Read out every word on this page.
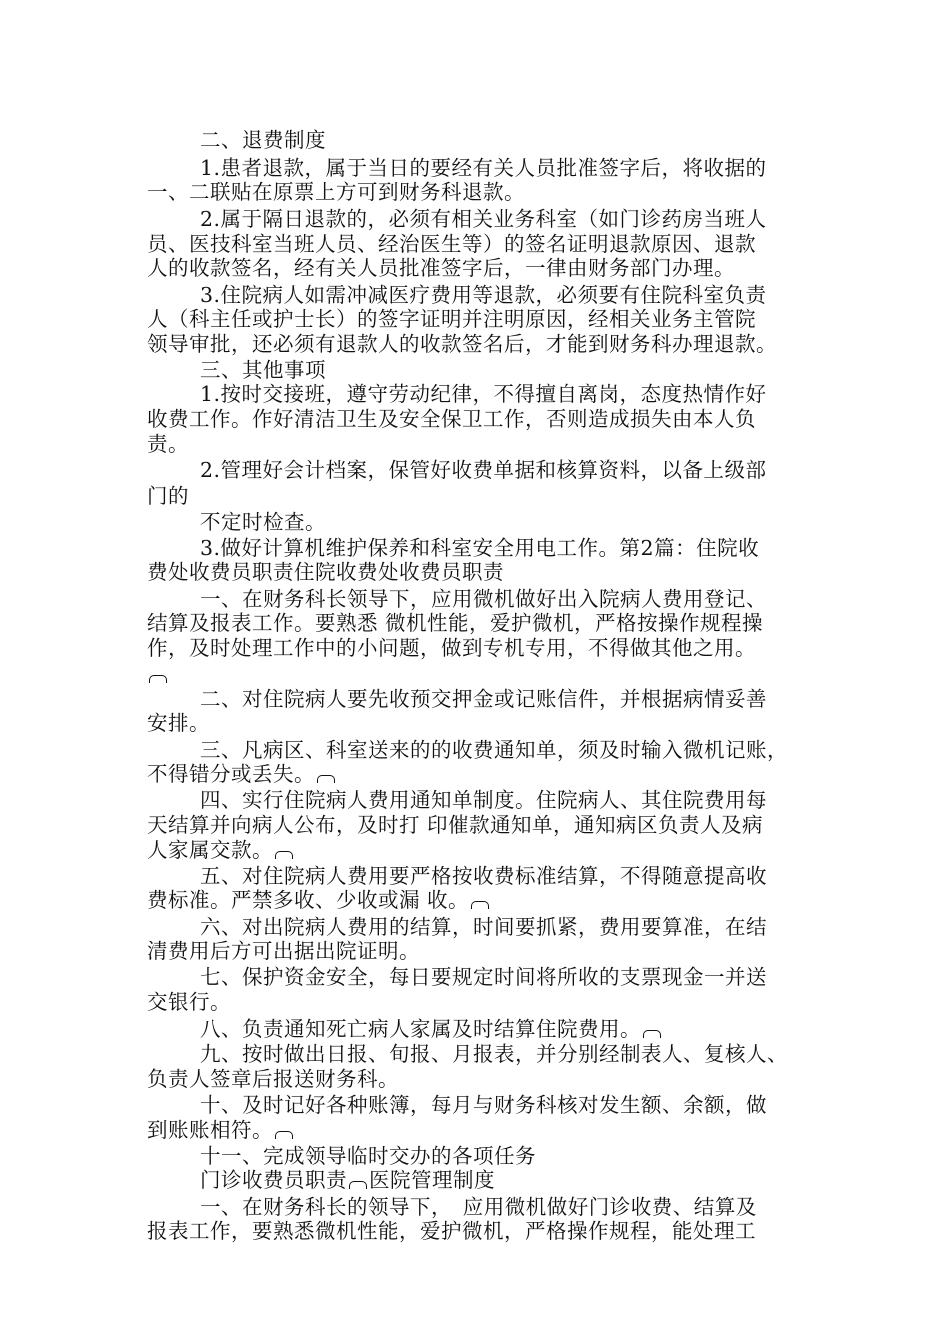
二、退费制度
1.患者退款，属于当日的要经有关人员批准签字后，将收据的
一、二联贴在原票上方可到财务科退款。
2.属于隔日退款的，必须有相关业务科室（如门诊药房当班人
员、医技科室当班人员、经治医生等）的签名证明退款原因、退款
人的收款签名，经有关人员批准签字后，一律由财务部门办理。
3.住院病人如需冲减医疗费用等退款，必须要有住院科室负责
人（科主任或护士长）的签字证明并注明原因，经相关业务主管院
领导审批，还必须有退款人的收款签名后，才能到财务科办理退款。
三、其他事项
1.按时交接班，遵守劳动纪律，不得擅自离岗，态度热情作好
收费工作。作好清洁卫生及安全保卫工作，否则造成损失由本人负
责。
2.管理好会计档案，保管好收费单据和核算资料，以备上级部
门的
不定时检查。
3.做好计算机维护保养和科室安全用电工作。第2篇：住院收
费处收费员职责住院收费处收费员职责
一、在财务科长领导下，应用微机做好出入院病人费用登记、
结算及报表工作。要熟悉 微机性能，爱护微机，严格按操作规程操
作，及时处理工作中的小问题，做到专机专用，不得做其他之用。
二、对住院病人要先收预交押金或记账信件，并根据病情妥善
安排。
三、凡病区、科室送来的的收费通知单，须及时输入微机记账，
不得错分或丢失。
四、实行住院病人费用通知单制度。住院病人、其住院费用每
天结算并向病人公布，及时打 印催款通知单，通知病区负责人及病
人家属交款。
五、对住院病人费用要严格按收费标准结算，不得随意提高收
费标准。严禁多收、少收或漏 收。
六、对出院病人费用的结算，时间要抓紧，费用要算准，在结
清费用后方可出据出院证明。
七、保护资金安全，每日要规定时间将所收的支票现金一并送
交银行。
八、负责通知死亡病人家属及时结算住院费用。
九、按时做出日报、旬报、月报表，并分别经制表人、复核人、
负责人签章后报送财务科。
十、及时记好各种账簿，每月与财务科核对发生额、余额，做
到账账相符。
十一、完成领导临时交办的各项任务
门诊收费员职责 医院管理制度
一、在财务科长的领导下，　应用微机做好门诊收费、结算及
报表工作，要熟悉微机性能，爱护微机，严格操作规程，能处理工
